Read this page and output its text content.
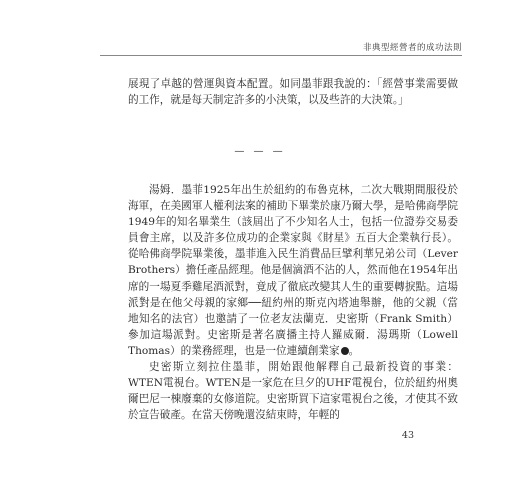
非典型經營者的成功法則

展現了卓越的營運與資本配置。如同墨菲跟我說的：「經營事業需要做的工作，就是每天制定許多的小決策，以及些許的大決策。」

— — —

湯姆．墨菲1925年出生於紐約的布魯克林，二次大戰期間服役於海軍，在美國軍人權利法案的補助下畢業於康乃爾大學，是哈佛商學院1949年的知名畢業生（該屆出了不少知名人士，包括一位證券交易委員會主席，以及許多位成功的企業家與《財星》五百大企業執行長）。從哈佛商學院畢業後，墨菲進入民生消費品巨擘利華兄弟公司（Lever Brothers）擔任產品經理。他是個滴酒不沾的人，然而他在1954年出席的一場夏季雞尾酒派對，竟成了徹底改變其人生的重要轉捩點。這場派對是在他父母親的家鄉──紐約州的斯克內塔迪舉辦，他的父親（當地知名的法官）也邀請了一位老友法蘭克．史密斯（Frank Smith）參加這場派對。史密斯是著名廣播主持人羅威爾．湯瑪斯（Lowell Thomas）的業務經理，也是一位連續創業家	1。

史密斯立刻拉住墨菲，開始跟他解釋自己最新投資的事業：WTEN電視台。WTEN是一家危在旦夕的UHF電視台，位於紐約州奧爾巴尼一棟廢棄的女修道院。史密斯買下這家電視台之後，才使其不致於宣告破產。在當天傍晚還沒結束時，年輕的

43
